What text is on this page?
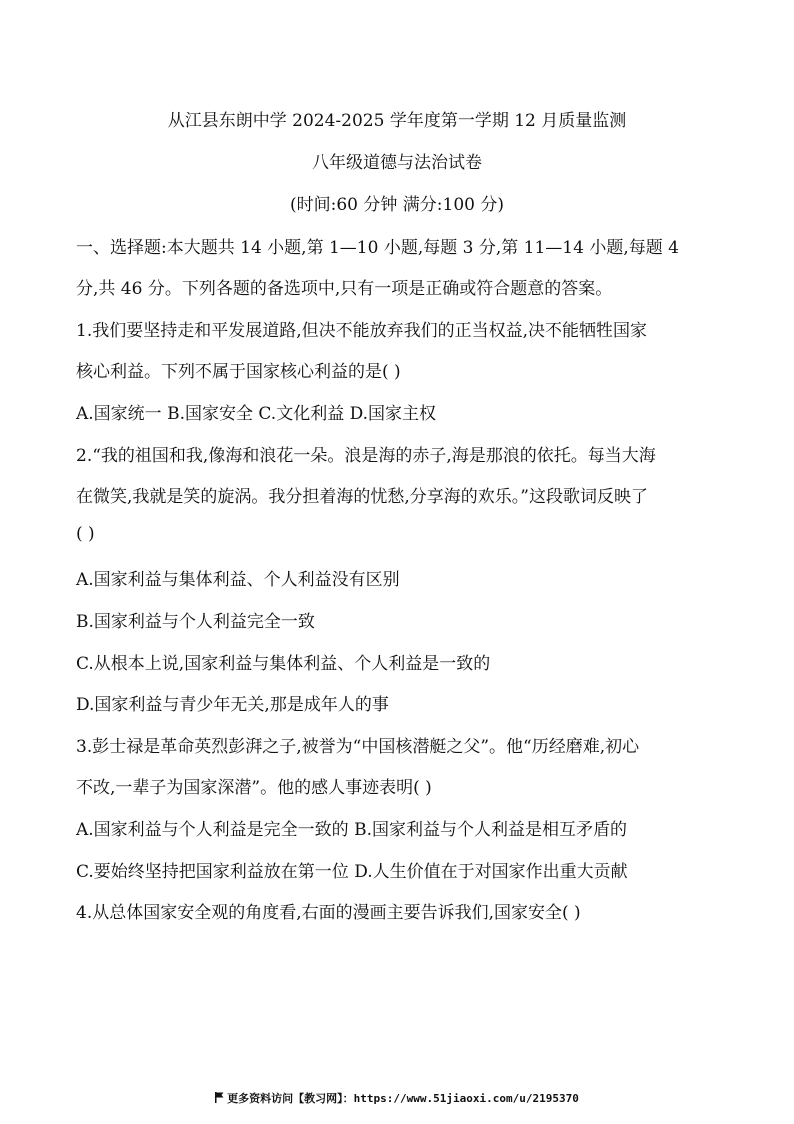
从江县东朗中学 2024-2025 学年度第一学期 12 月质量监测
八年级道德与法治试卷
(时间:60 分钟 满分:100 分)
一、选择题:本大题共 14 小题,第 1—10 小题,每题 3 分,第 11—14 小题,每题 4
分,共 46 分。下列各题的备选项中,只有一项是正确或符合题意的答案。
1.我们要坚持走和平发展道路,但决不能放弃我们的正当权益,决不能牺牲国家
核心利益。下列不属于国家核心利益的是( )
A.国家统一 B.国家安全 C.文化利益 D.国家主权
2.“我的祖国和我,像海和浪花一朵。浪是海的赤子,海是那浪的依托。每当大海
在微笑,我就是笑的旋涡。我分担着海的忧愁,分享海的欢乐。”这段歌词反映了
( )
A.国家利益与集体利益、个人利益没有区别
B.国家利益与个人利益完全一致
C.从根本上说,国家利益与集体利益、个人利益是一致的
D.国家利益与青少年无关,那是成年人的事
3.彭士禄是革命英烈彭湃之子,被誉为“中国核潜艇之父”。他“历经磨难,初心
不改,一辈子为国家深潜”。他的感人事迹表明( )
A.国家利益与个人利益是完全一致的 B.国家利益与个人利益是相互矛盾的
C.要始终坚持把国家利益放在第一位 D.人生价值在于对国家作出重大贡献
4.从总体国家安全观的角度看,右面的漫画主要告诉我们,国家安全( )
更多资料访问【教习网】：https://www.51jiaoxi.com/u/2195370
